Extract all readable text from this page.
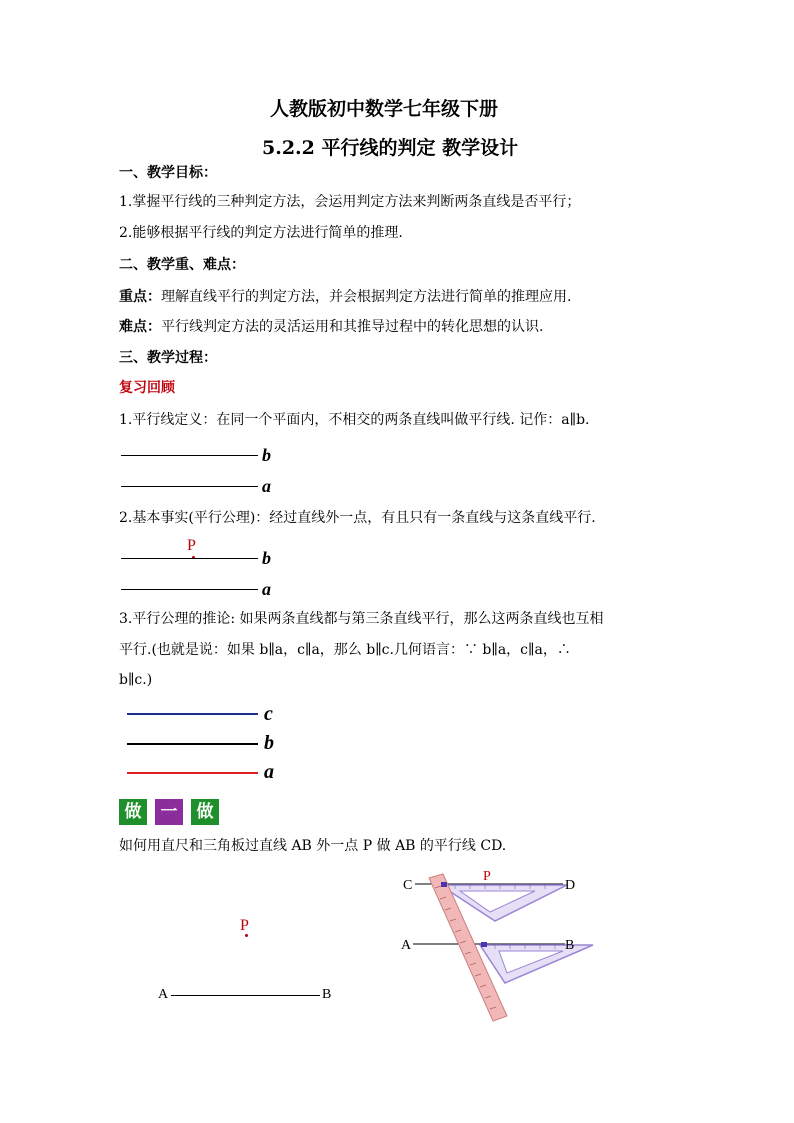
人教版初中数学七年级下册
5.2.2 平行线的判定 教学设计
一、教学目标：
1.掌握平行线的三种判定方法，会运用判定方法来判断两条直线是否平行；
2.能够根据平行线的判定方法进行简单的推理.
二、教学重、难点：
重点：理解直线平行的判定方法，并会根据判定方法进行简单的推理应用.
难点：平行线判定方法的灵活运用和其推导过程中的转化思想的认识.
三、教学过程：
复习回顾
1.平行线定义：在同一个平面内，不相交的两条直线叫做平行线. 记作：a∥b.
b
a
2.基本事实(平行公理)：经过直线外一点，有且只有一条直线与这条直线平行.
P
b
a
3.平行公理的推论: 如果两条直线都与第三条直线平行，那么这两条直线也互相
平行.(也就是说：如果 b∥a，c∥a，那么 b∥c.几何语言：∵ b∥a，c∥a，∴
b∥c.)
c
b
a
做	一	做
如何用直尺和三角板过直线 AB 外一点 P 做 AB 的平行线 CD.
P
A	B
C	D
A	B
P
